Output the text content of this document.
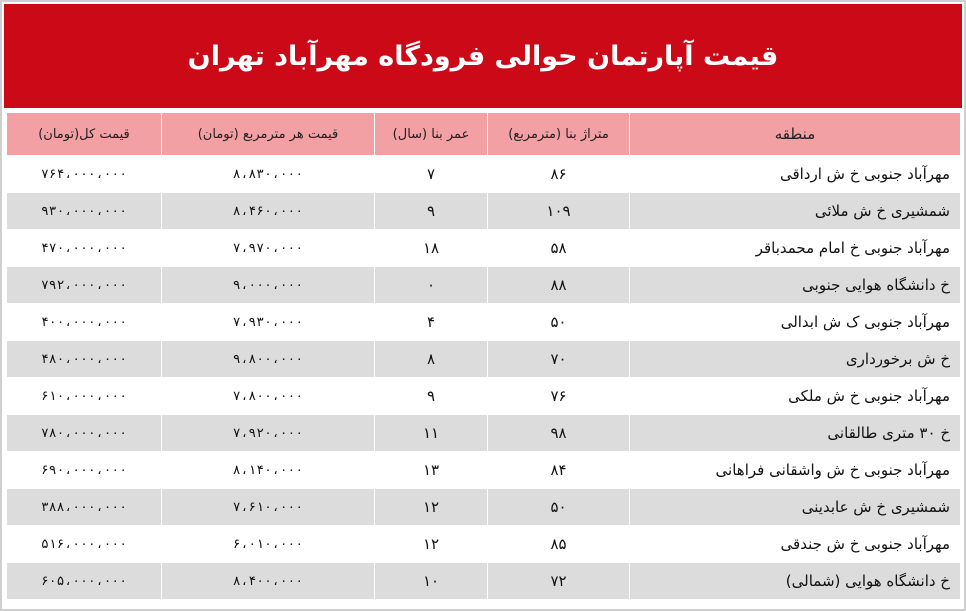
قیمت آپارتمان حوالی فرودگاه مهرآباد تهران
قیمت کل(تومان)	قیمت هر مترمربع (تومان)	عمر بنا (سال)	متراژ بنا (مترمربع)	منطقه
۷۶۴،۰۰۰،۰۰۰	۸،۸۳۰،۰۰۰	۷	۸۶	مهرآباد جنوبی خ ش ارداقی
۹۳۰،۰۰۰،۰۰۰	۸،۴۶۰،۰۰۰	۹	۱۰۹	شمشیری خ ش ملائی
۴۷۰،۰۰۰،۰۰۰	۷،۹۷۰،۰۰۰	۱۸	۵۸	مهرآباد جنوبی خ امام محمدباقر
۷۹۲،۰۰۰،۰۰۰	۹،۰۰۰،۰۰۰	۰	۸۸	خ دانشگاه هوایی جنوبی
۴۰۰،۰۰۰،۰۰۰	۷،۹۳۰،۰۰۰	۴	۵۰	مهرآباد جنوبی ک ش ابدالی
۴۸۰،۰۰۰،۰۰۰	۹،۸۰۰،۰۰۰	۸	۷۰	خ ش برخورداری
۶۱۰،۰۰۰،۰۰۰	۷،۸۰۰،۰۰۰	۹	۷۶	مهرآباد جنوبی خ ش ملکی
۷۸۰،۰۰۰،۰۰۰	۷،۹۲۰،۰۰۰	۱۱	۹۸	خ ۳۰ متری طالقانی
۶۹۰،۰۰۰،۰۰۰	۸،۱۴۰،۰۰۰	۱۳	۸۴	مهرآباد جنوبی خ ش واشقانی فراهانی
۳۸۸،۰۰۰،۰۰۰	۷،۶۱۰،۰۰۰	۱۲	۵۰	شمشیری خ ش عابدینی
۵۱۶،۰۰۰،۰۰۰	۶،۰۱۰،۰۰۰	۱۲	۸۵	مهرآباد جنوبی خ ش جندقی
۶۰۵،۰۰۰،۰۰۰	۸،۴۰۰،۰۰۰	۱۰	۷۲	خ دانشگاه هوایی (شمالی)
